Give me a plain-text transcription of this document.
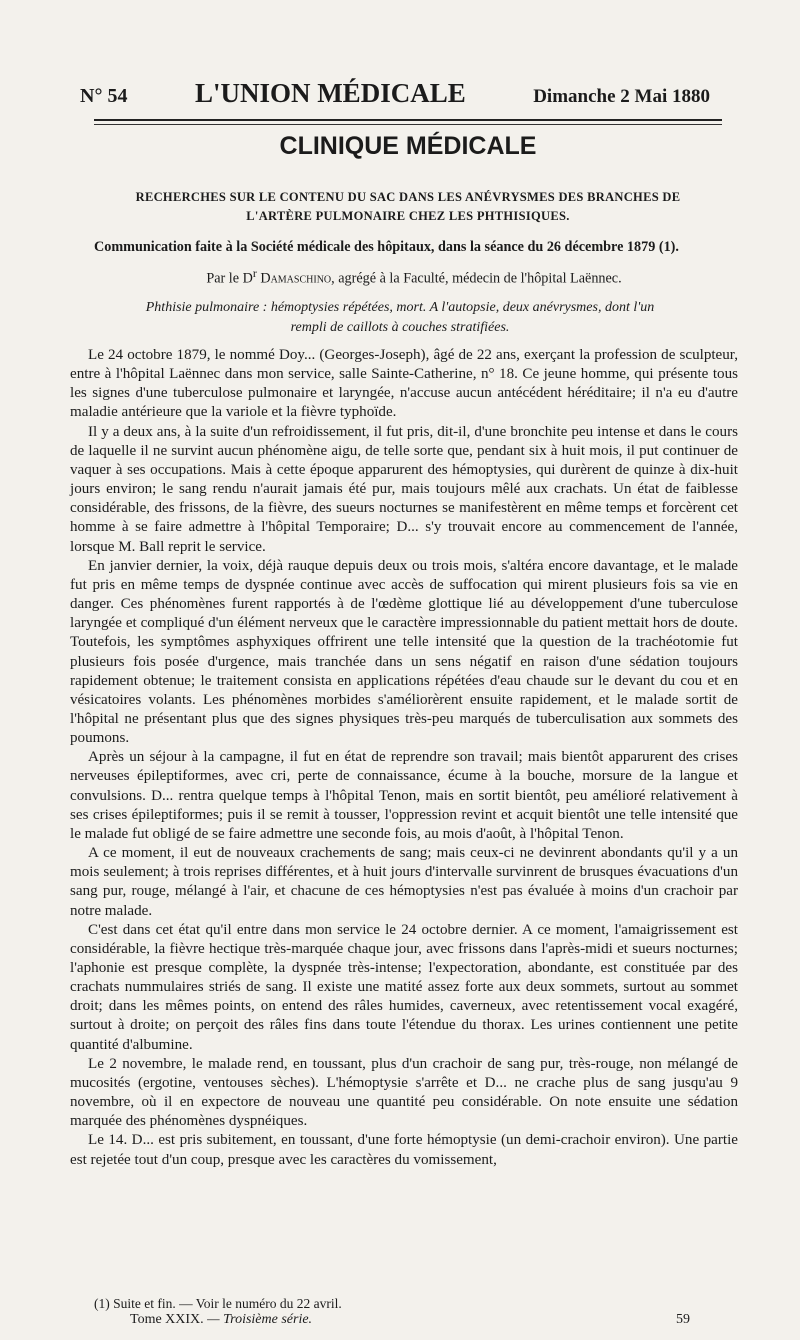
N° 54 L'UNION MÉDICALE	Dimanche 2 Mai 1880
CLINIQUE MÉDICALE
RECHERCHES SUR LE CONTENU DU SAC DANS LES ANÉVRYSMES DES BRANCHES DE
L'ARTÈRE PULMONAIRE CHEZ LES PHTHISIQUES.
Communication faite à la Société médicale des hôpitaux, dans la séance du 26 décembre 1879 (1).
Par le $D^r$ Damaschino, agrégé à la Faculté, médecin de l'hôpital Laënnec.
Phthisie pulmonaire : hémoptysies répétées, mort. A l'autopsie, deux anévrysmes, dont l'un
rempli de caillots à couches stratifiées.

Le 24 octobre 1879, le nommé Doy... (Georges-Joseph), âgé de 22 ans, exerçant la profession de sculpteur, entre à l'hôpital Laënnec dans mon service, salle Sainte-Catherine, n° 18. Ce jeune homme, qui présente tous les signes d'une tuberculose pulmonaire et laryngée, n'accuse aucun antécédent héréditaire; il n'a eu d'autre maladie antérieure que la variole et la fièvre typhoïde.

Il y a deux ans, à la suite d'un refroidissement, il fut pris, dit-il, d'une bronchite peu intense et dans le cours de laquelle il ne survint aucun phénomène aigu, de telle sorte que, pendant six à huit mois, il put continuer de vaquer à ses occupations. Mais à cette époque apparurent des hémoptysies, qui durèrent de quinze à dix-huit jours environ; le sang rendu n'aurait jamais été pur, mais toujours mêlé aux crachats. Un état de faiblesse considérable, des frissons, de la fièvre, des sueurs nocturnes se manifestèrent en même temps et forcèrent cet homme à se faire admettre à l'hôpital Temporaire; D... s'y trouvait encore au commencement de l'année, lorsque M. Ball reprit le service.

En janvier dernier, la voix, déjà rauque depuis deux ou trois mois, s'altéra encore davantage, et le malade fut pris en même temps de dyspnée continue avec accès de suffocation qui mirent plusieurs fois sa vie en danger. Ces phénomènes furent rapportés à de l'œdème glottique lié au développement d'une tuberculose laryngée et compliqué d'un élément nerveux que le caractère impressionnable du patient mettait hors de doute. Toutefois, les symptômes asphyxiques offrirent une telle intensité que la question de la trachéotomie fut plusieurs fois posée d'urgence, mais tranchée dans un sens négatif en raison d'une sédation toujours rapidement obtenue; le traitement consista en applications répétées d'eau chaude sur le devant du cou et en vésicatoires volants. Les phénomènes morbides s'améliorèrent ensuite rapidement, et le malade sortit de l'hôpital ne présentant plus que des signes physiques très-peu marqués de tuberculisation aux sommets des poumons.

Après un séjour à la campagne, il fut en état de reprendre son travail; mais bientôt apparurent des crises nerveuses épileptiformes, avec cri, perte de connaissance, écume à la bouche, morsure de la langue et convulsions. D... rentra quelque temps à l'hôpital Tenon, mais en sortit bientôt, peu amélioré relativement à ses crises épileptiformes; puis il se remit à tousser, l'oppression revint et acquit bientôt une telle intensité que le malade fut obligé de se faire admettre une seconde fois, au mois d'août, à l'hôpital Tenon.

A ce moment, il eut de nouveaux crachements de sang; mais ceux-ci ne devinrent abondants qu'il y a un mois seulement; à trois reprises différentes, et à huit jours d'intervalle survinrent de brusques évacuations d'un sang pur, rouge, mélangé à l'air, et chacune de ces hémoptysies n'est pas évaluée à moins d'un crachoir par notre malade.

C'est dans cet état qu'il entre dans mon service le 24 octobre dernier. A ce moment, l'amaigrissement est considérable, la fièvre hectique très-marquée chaque jour, avec frissons dans l'après-midi et sueurs nocturnes; l'aphonie est presque complète, la dyspnée très-intense; l'expectoration, abondante, est constituée par des crachats nummulaires striés de sang. Il existe une matité assez forte aux deux sommets, surtout au sommet droit; dans les mêmes points, on entend des râles humides, caverneux, avec retentissement vocal exagéré, surtout à droite; on perçoit des râles fins dans toute l'étendue du thorax. Les urines contiennent une petite quantité d'albumine.

Le 2 novembre, le malade rend, en toussant, plus d'un crachoir de sang pur, très-rouge, non mélangé de mucosités (ergotine, ventouses sèches). L'hémoptysie s'arrête et D... ne crache plus de sang jusqu'au 9 novembre, où il en expectore de nouveau une quantité peu considérable. On note ensuite une sédation marquée des phénomènes dyspnéiques.

Le 14. D... est pris subitement, en toussant, d'une forte hémoptysie (un demi-crachoir environ). Une partie est rejetée tout d'un coup, presque avec les caractères du vomissement,

(1) Suite et fin. — Voir le numéro du 22 avril.
Tome XXIX. — Troisième série.	59
